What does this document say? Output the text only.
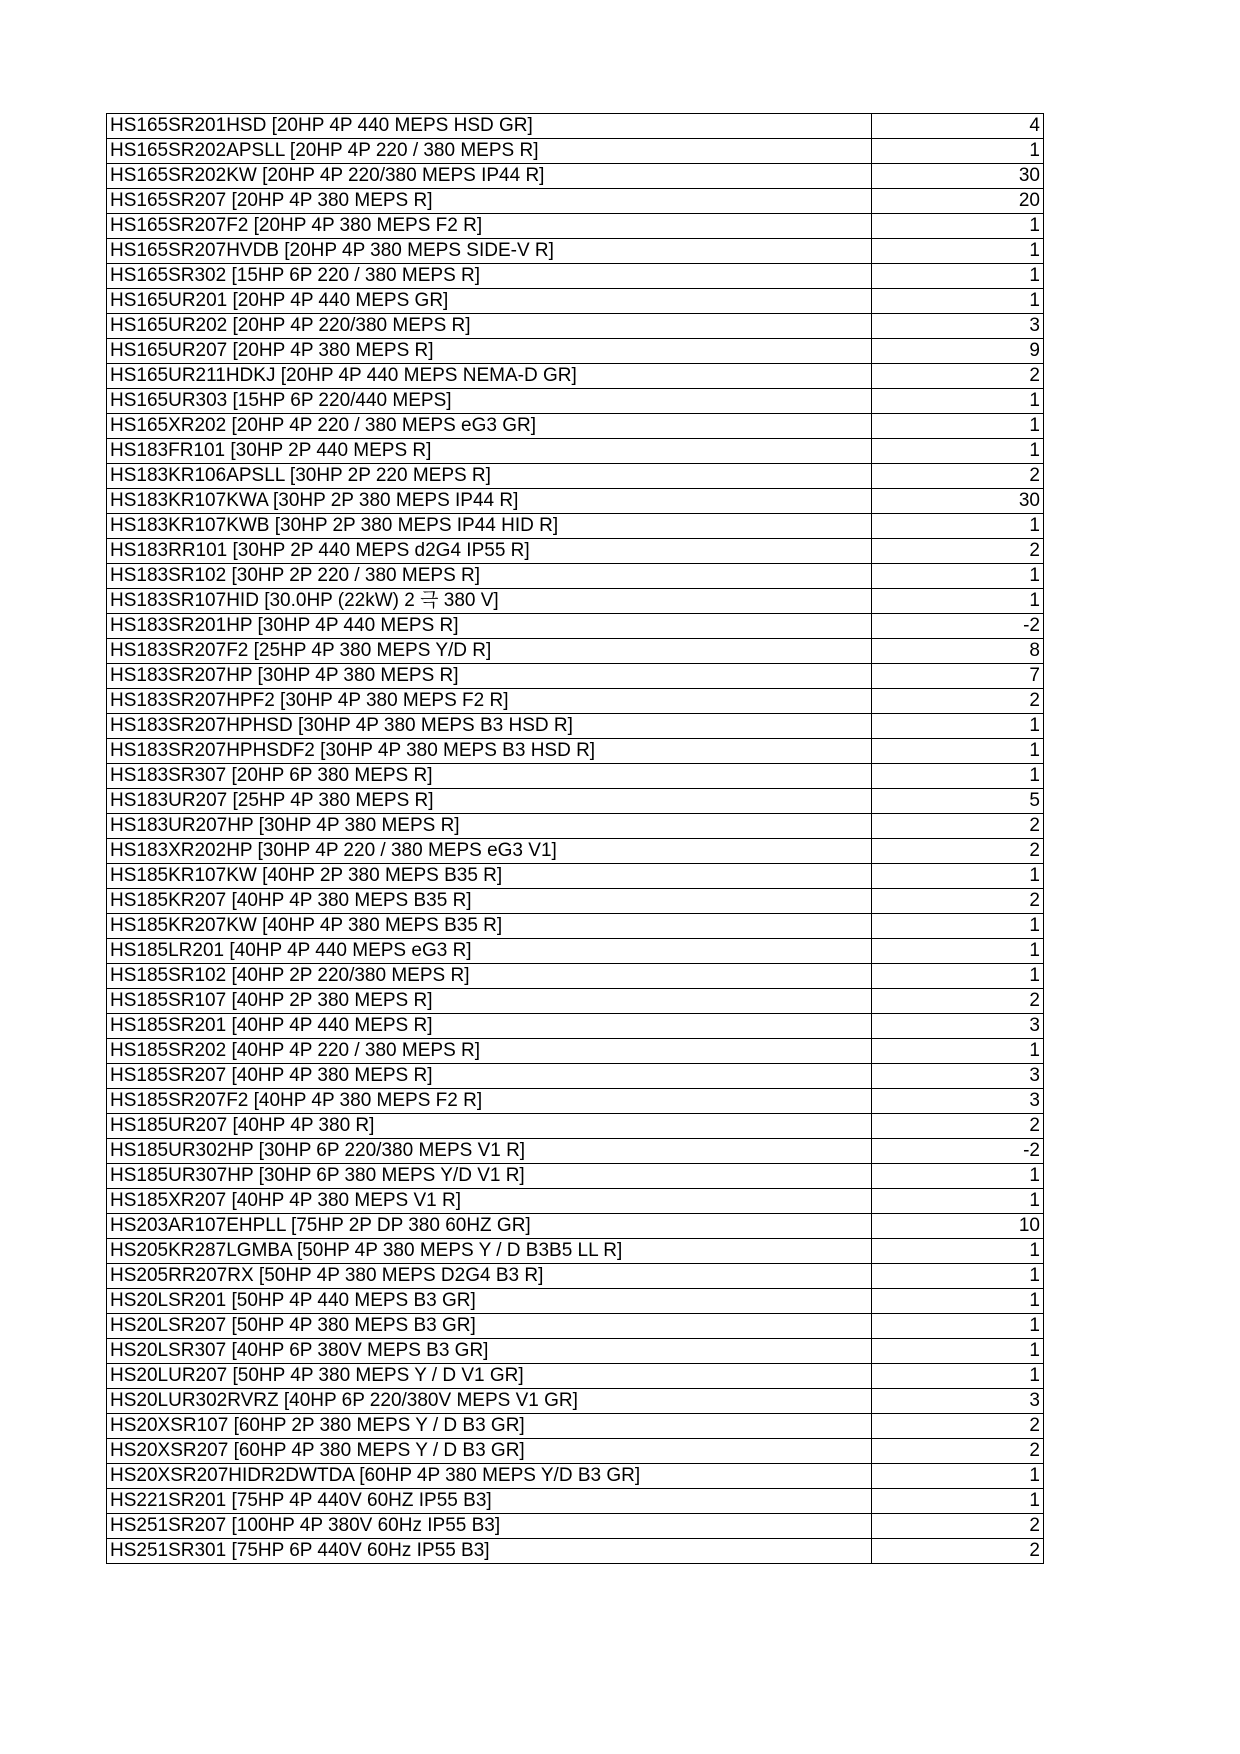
HS165SR201HSD [20HP 4P 440 MEPS HSD GR]	4
HS165SR202APSLL [20HP 4P 220 / 380 MEPS R]	1
HS165SR202KW [20HP 4P 220/380 MEPS IP44 R]	30
HS165SR207 [20HP 4P 380 MEPS R]	20
HS165SR207F2 [20HP 4P 380 MEPS F2 R]	1
HS165SR207HVDB [20HP 4P 380 MEPS SIDE-V R]	1
HS165SR302 [15HP 6P 220 / 380 MEPS R]	1
HS165UR201 [20HP 4P 440 MEPS GR]	1
HS165UR202 [20HP 4P 220/380 MEPS R]	3
HS165UR207 [20HP 4P 380 MEPS R]	9
HS165UR211HDKJ [20HP 4P 440 MEPS NEMA-D GR]	2
HS165UR303 [15HP 6P 220/440 MEPS]	1
HS165XR202 [20HP 4P 220 / 380 MEPS eG3 GR]	1
HS183FR101 [30HP 2P 440 MEPS R]	1
HS183KR106APSLL [30HP 2P 220 MEPS R]	2
HS183KR107KWA [30HP 2P 380 MEPS IP44 R]	30
HS183KR107KWB [30HP 2P 380 MEPS IP44 HID R]	1
HS183RR101 [30HP 2P 440 MEPS d2G4 IP55 R]	2
HS183SR102 [30HP 2P 220 / 380 MEPS R]	1
HS183SR107HID [30.0HP (22kW) 2 극 380 V]	1
HS183SR201HP [30HP 4P 440 MEPS R]	-2
HS183SR207F2 [25HP 4P 380 MEPS Y/D R]	8
HS183SR207HP [30HP 4P 380 MEPS R]	7
HS183SR207HPF2 [30HP 4P 380 MEPS F2 R]	2
HS183SR207HPHSD [30HP 4P 380 MEPS B3 HSD R]	1
HS183SR207HPHSDF2 [30HP 4P 380 MEPS B3 HSD R]	1
HS183SR307 [20HP 6P 380 MEPS R]	1
HS183UR207 [25HP 4P 380 MEPS R]	5
HS183UR207HP [30HP 4P 380 MEPS R]	2
HS183XR202HP [30HP 4P 220 / 380 MEPS eG3 V1]	2
HS185KR107KW [40HP 2P 380 MEPS B35 R]	1
HS185KR207 [40HP 4P 380 MEPS B35 R]	2
HS185KR207KW [40HP 4P 380 MEPS B35 R]	1
HS185LR201 [40HP 4P 440 MEPS eG3 R]	1
HS185SR102 [40HP 2P 220/380 MEPS R]	1
HS185SR107 [40HP 2P 380 MEPS R]	2
HS185SR201 [40HP 4P 440 MEPS R]	3
HS185SR202 [40HP 4P 220 / 380 MEPS R]	1
HS185SR207 [40HP 4P 380 MEPS R]	3
HS185SR207F2 [40HP 4P 380 MEPS F2 R]	3
HS185UR207 [40HP 4P 380 R]	2
HS185UR302HP [30HP 6P 220/380 MEPS V1 R]	-2
HS185UR307HP [30HP 6P 380 MEPS Y/D V1 R]	1
HS185XR207 [40HP 4P 380 MEPS V1 R]	1
HS203AR107EHPLL [75HP 2P DP 380 60HZ GR]	10
HS205KR287LGMBA [50HP 4P 380 MEPS Y / D B3B5 LL R]	1
HS205RR207RX [50HP 4P 380 MEPS D2G4 B3 R]	1
HS20LSR201 [50HP 4P 440 MEPS B3 GR]	1
HS20LSR207 [50HP 4P 380 MEPS B3 GR]	1
HS20LSR307 [40HP 6P 380V MEPS B3 GR]	1
HS20LUR207 [50HP 4P 380 MEPS Y / D V1 GR]	1
HS20LUR302RVRZ [40HP 6P 220/380V MEPS V1 GR]	3
HS20XSR107 [60HP 2P 380 MEPS Y / D B3 GR]	2
HS20XSR207 [60HP 4P 380 MEPS Y / D B3 GR]	2
HS20XSR207HIDR2DWTDA [60HP 4P 380 MEPS Y/D B3 GR]	1
HS221SR201 [75HP 4P 440V 60HZ IP55 B3]	1
HS251SR207 [100HP 4P 380V 60Hz IP55 B3]	2
HS251SR301 [75HP 6P 440V 60Hz IP55 B3]	2
